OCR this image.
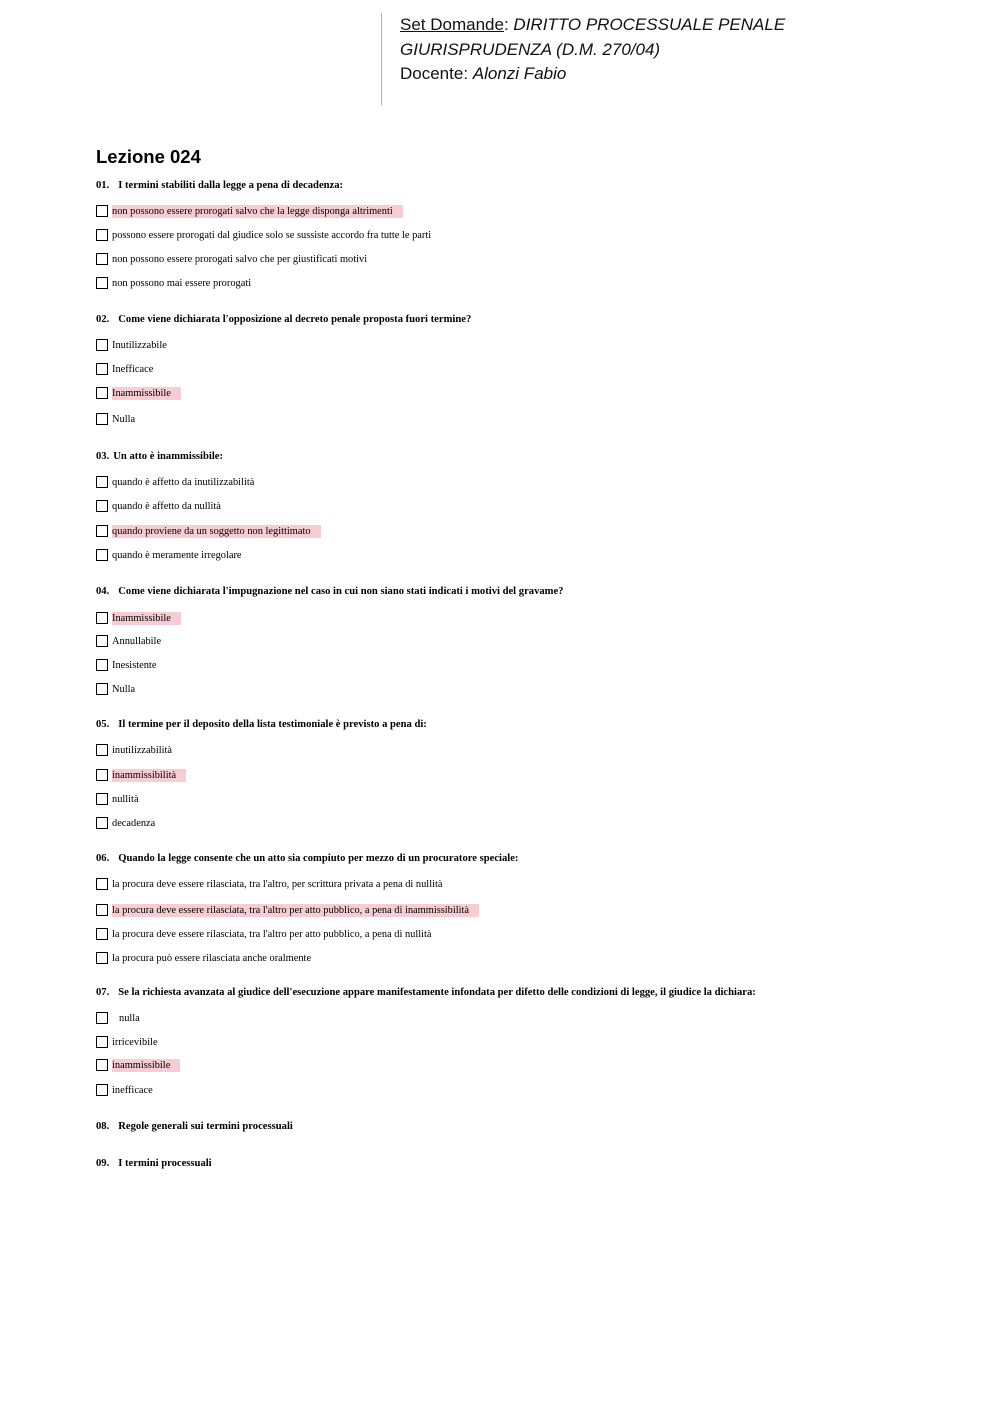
Set Domande: DIRITTO PROCESSUALE PENALE
GIURISPRUDENZA (D.M. 270/04)
Docente: Alonzi Fabio
Lezione 024
01. I termini stabiliti dalla legge a pena di decadenza:
non possono essere prorogati salvo che la legge disponga altrimenti
possono essere prorogati dal giudice solo se sussiste accordo fra tutte le parti
non possono essere prorogati salvo che per giustificati motivi
non possono mai essere prorogati
02. Come viene dichiarata l'opposizione al decreto penale proposta fuori termine?
Inutilizzabile
Inefficace
Inammissibile
Nulla
03. Un atto è inammissibile:
quando è affetto da inutilizzabilità
quando è affetto da nullità
quando proviene da un soggetto non legittimato
quando è meramente irregolare
04. Come viene dichiarata l'impugnazione nel caso in cui non siano stati indicati i motivi del gravame?
Inammissibile
Annullabile
Inesistente
Nulla
05. Il termine per il deposito della lista testimoniale è previsto a pena di:
inutilizzabilità
inammissibilità
nullità
decadenza
06. Quando la legge consente che un atto sia compiuto per mezzo di un procuratore speciale:
la procura deve essere rilasciata, tra l'altro, per scrittura privata a pena di nullità
la procura deve essere rilasciata, tra l'altro per atto pubblico, a pena di inammissibilità
la procura deve essere rilasciata, tra l'altro per atto pubblico, a pena di nullità
la procura può essere rilasciata anche oralmente
07. Se la richiesta avanzata al giudice dell'esecuzione appare manifestamente infondata per difetto delle condizioni di legge, il giudice la dichiara:
nulla
irricevibile
inammissibile
inefficace
08. Regole generali sui termini processuali
09. I termini processuali
